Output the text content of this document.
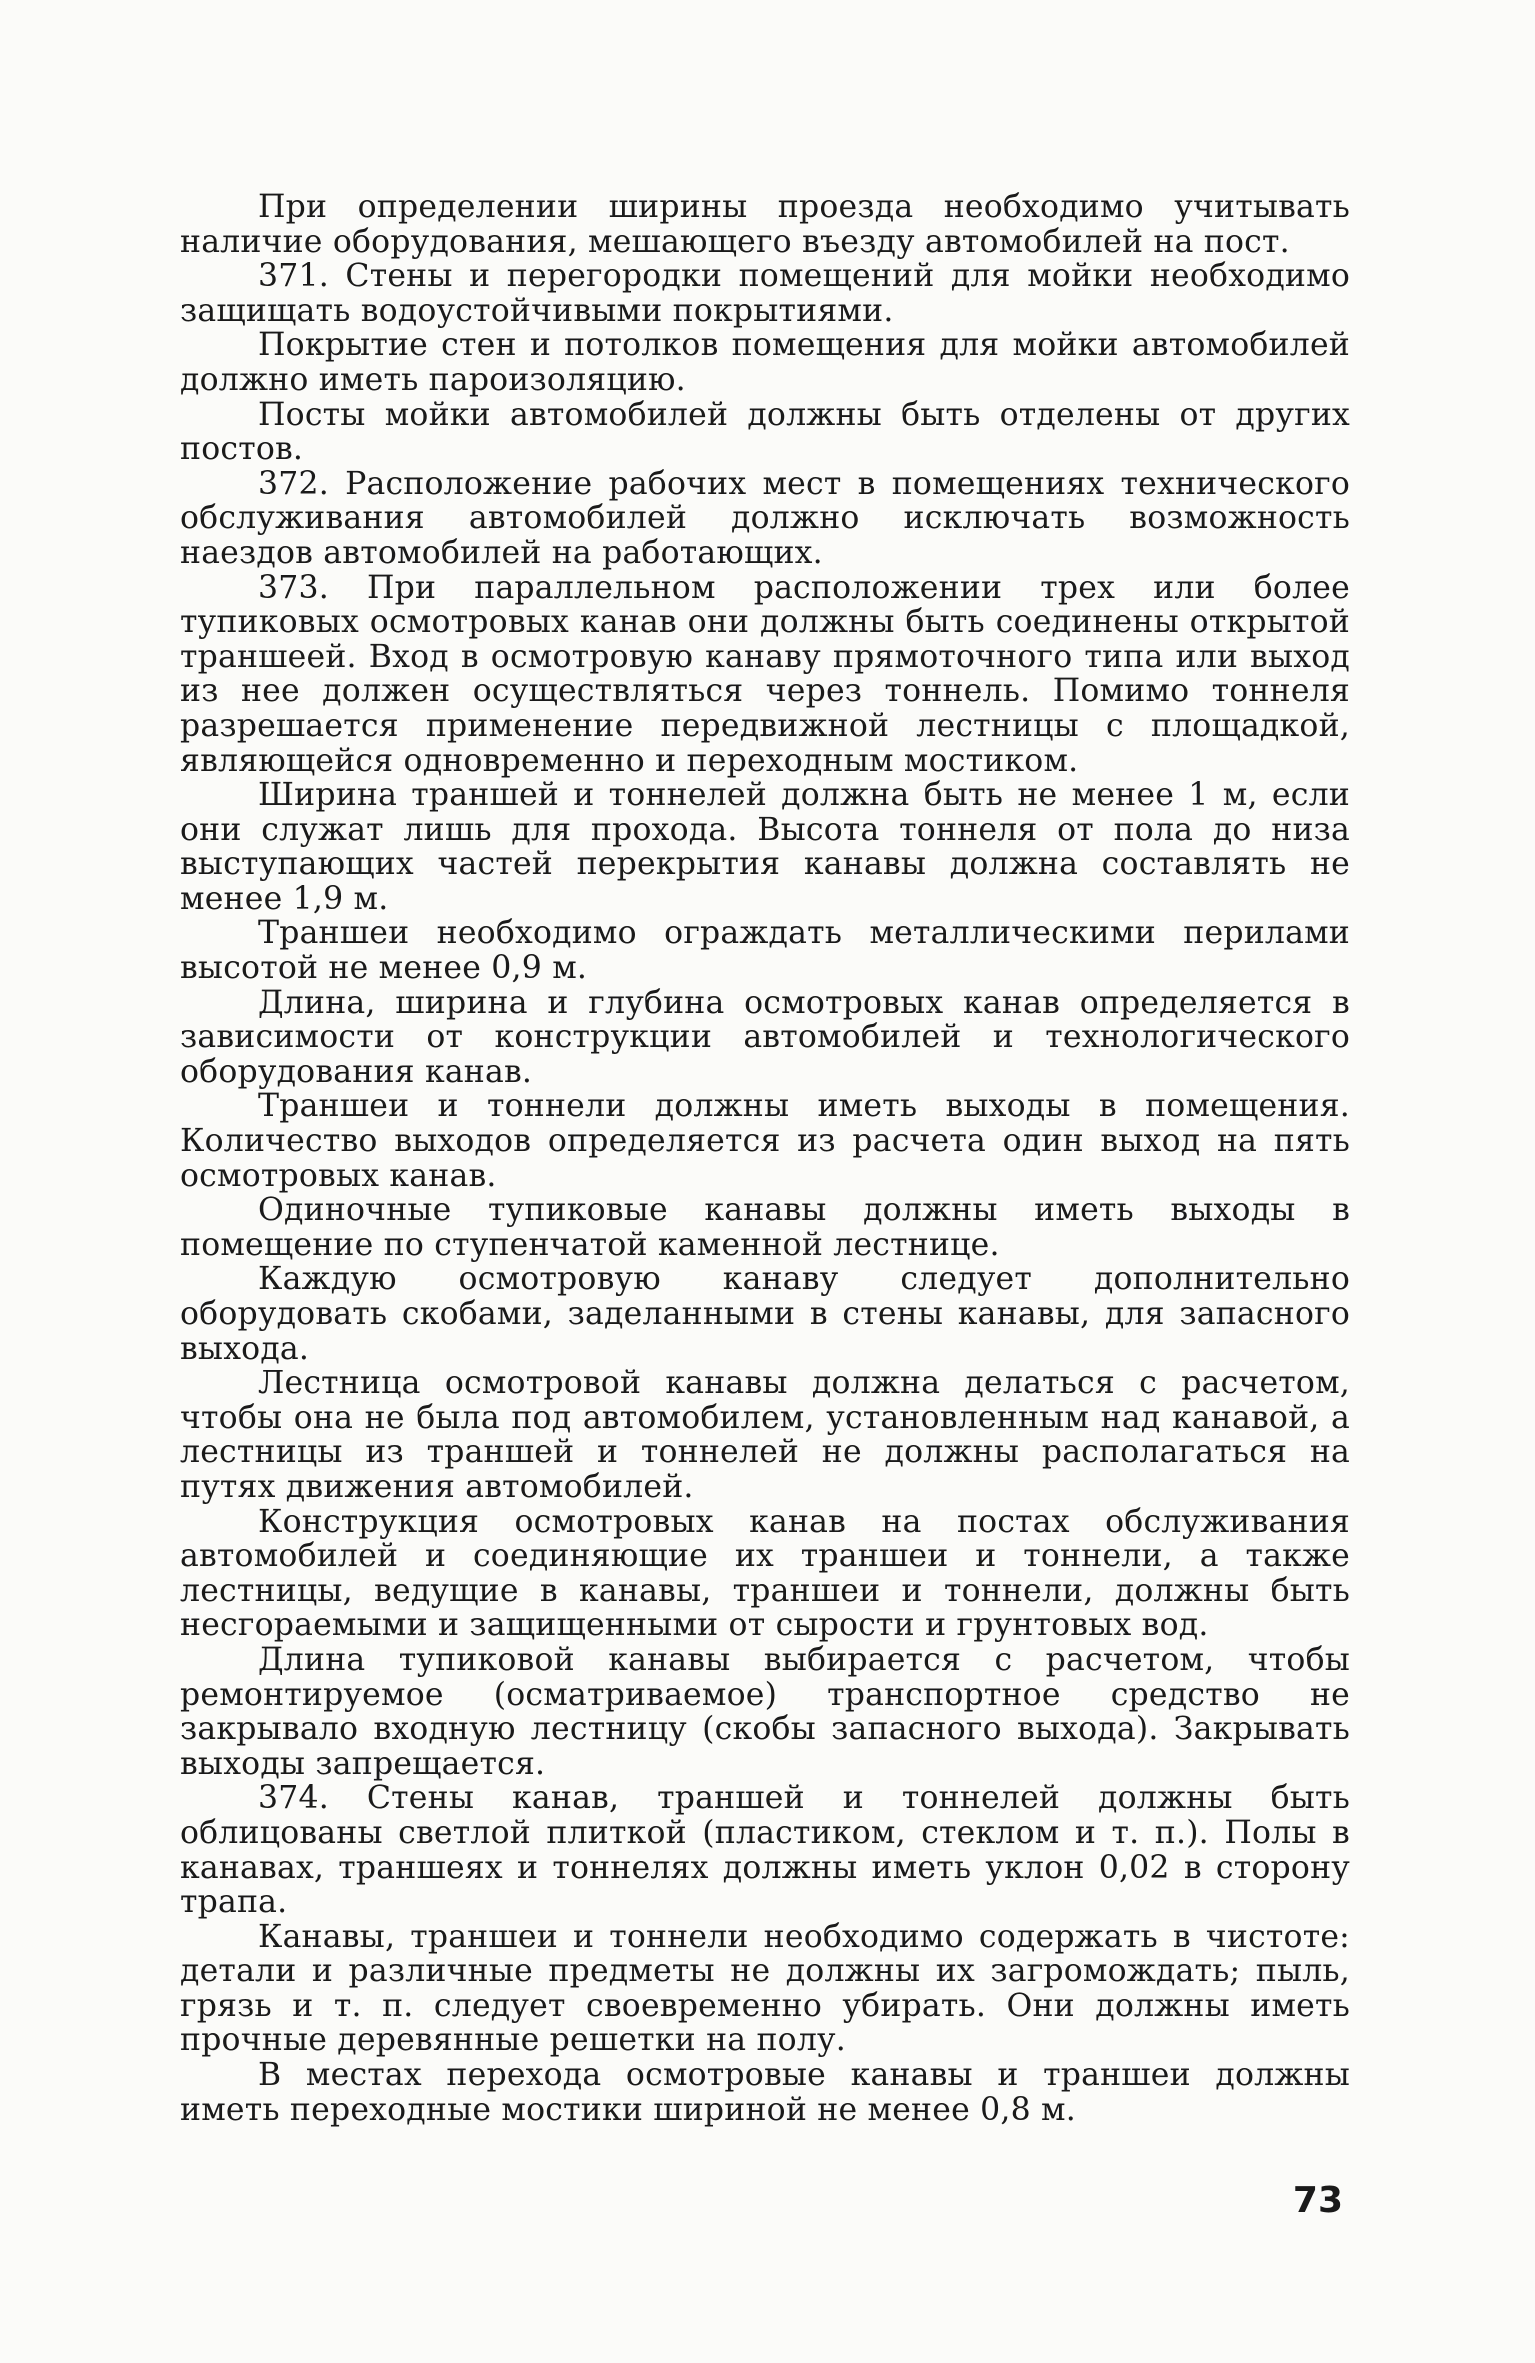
При определении ширины проезда необходимо учитывать наличие оборудования, мешающего въезду автомобилей на пост.

371. Стены и перегородки помещений для мойки необходимо защищать водоустойчивыми покрытиями.

Покрытие стен и потолков помещения для мойки автомобилей должно иметь пароизоляцию.

Посты мойки автомобилей должны быть отделены от других постов.

372. Расположение рабочих мест в помещениях технического обслуживания автомобилей должно исключать возможность наездов автомобилей на работающих.

373. При параллельном расположении трех или более тупиковых осмотровых канав они должны быть соединены открытой траншеей. Вход в осмотровую канаву прямоточного типа или выход из нее должен осуществляться через тоннель. Помимо тоннеля разрешается применение передвижной лестницы с площадкой, являющейся одновременно и переходным мостиком.

Ширина траншей и тоннелей должна быть не менее 1 м, если они служат лишь для прохода. Высота тоннеля от пола до низа выступающих частей перекрытия канавы должна составлять не менее 1,9 м.

Траншеи необходимо ограждать металлическими перилами высотой не менее 0,9 м.

Длина, ширина и глубина осмотровых канав определяется в зависимости от конструкции автомобилей и технологического оборудования канав.

Траншеи и тоннели должны иметь выходы в помещения. Количество выходов определяется из расчета один выход на пять осмотровых канав.

Одиночные тупиковые канавы должны иметь выходы в помещение по ступенчатой каменной лестнице.

Каждую осмотровую канаву следует дополнительно оборудовать скобами, заделанными в стены канавы, для запасного выхода.

Лестница осмотровой канавы должна делаться с расчетом, чтобы она не была под автомобилем, установленным над канавой, а лестницы из траншей и тоннелей не должны располагаться на путях движения автомобилей.

Конструкция осмотровых канав на постах обслуживания автомобилей и соединяющие их траншеи и тоннели, а также лестницы, ведущие в канавы, траншеи и тоннели, должны быть несгораемыми и защищенными от сырости и грунтовых вод.

Длина тупиковой канавы выбирается с расчетом, чтобы ремонтируемое (осматриваемое) транспортное средство не закрывало входную лестницу (скобы запасного выхода). Закрывать выходы запрещается.

374. Стены канав, траншей и тоннелей должны быть облицованы светлой плиткой (пластиком, стеклом и т. п.). Полы в канавах, траншеях и тоннелях должны иметь уклон 0,02 в сторону трапа.

Канавы, траншеи и тоннели необходимо содержать в чистоте: детали и различные предметы не должны их загромождать; пыль, грязь и т. п. следует своевременно убирать. Они должны иметь прочные деревянные решетки на полу.

В местах перехода осмотровые канавы и траншеи должны иметь переходные мостики шириной не менее 0,8 м.

73
